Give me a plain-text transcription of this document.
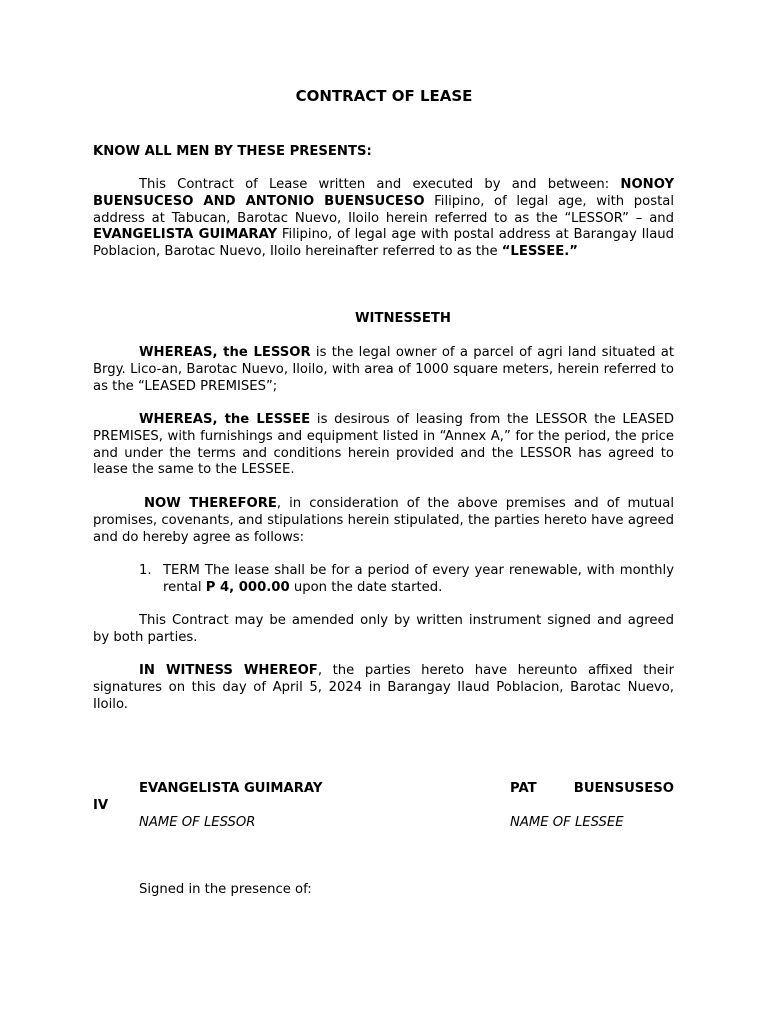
CONTRACT OF LEASE

KNOW ALL MEN BY THESE PRESENTS:

This Contract of Lease written and executed by and between: NONOY BUENSUCESO AND ANTONIO BUENSUCESO Filipino, of legal age, with postal address at Tabucan, Barotac Nuevo, Iloilo herein referred to as the “LESSOR” – and EVANGELISTA GUIMARAY Filipino, of legal age with postal address at Barangay Ilaud Poblacion, Barotac Nuevo, Iloilo hereinafter referred to as the “LESSEE.”

WITNESSETH

WHEREAS, the LESSOR is the legal owner of a parcel of agri land situated at Brgy. Lico-an, Barotac Nuevo, Iloilo, with area of 1000 square meters, herein referred to as the “LEASED PREMISES”;

WHEREAS, the LESSEE is desirous of leasing from the LESSOR the LEASED PREMISES, with furnishings and equipment listed in “Annex A,” for the period, the price and under the terms and conditions herein provided and the LESSOR has agreed to lease the same to the LESSEE.

NOW THEREFORE, in consideration of the above premises and of mutual promises, covenants, and stipulations herein stipulated, the parties hereto have agreed and do hereby agree as follows:

1. TERM The lease shall be for a period of every year renewable, with monthly rental P 4, 000.00 upon the date started.

This Contract may be amended only by written instrument signed and agreed by both parties.

IN WITNESS WHEREOF, the parties hereto have hereunto affixed their signatures on this day of April 5, 2024 in Barangay Ilaud Poblacion, Barotac Nuevo, Iloilo.

EVANGELISTA GUIMARAY	PAT	BUENSUSESO

IV

NAME OF LESSOR	NAME OF LESSEE

Signed in the presence of:
